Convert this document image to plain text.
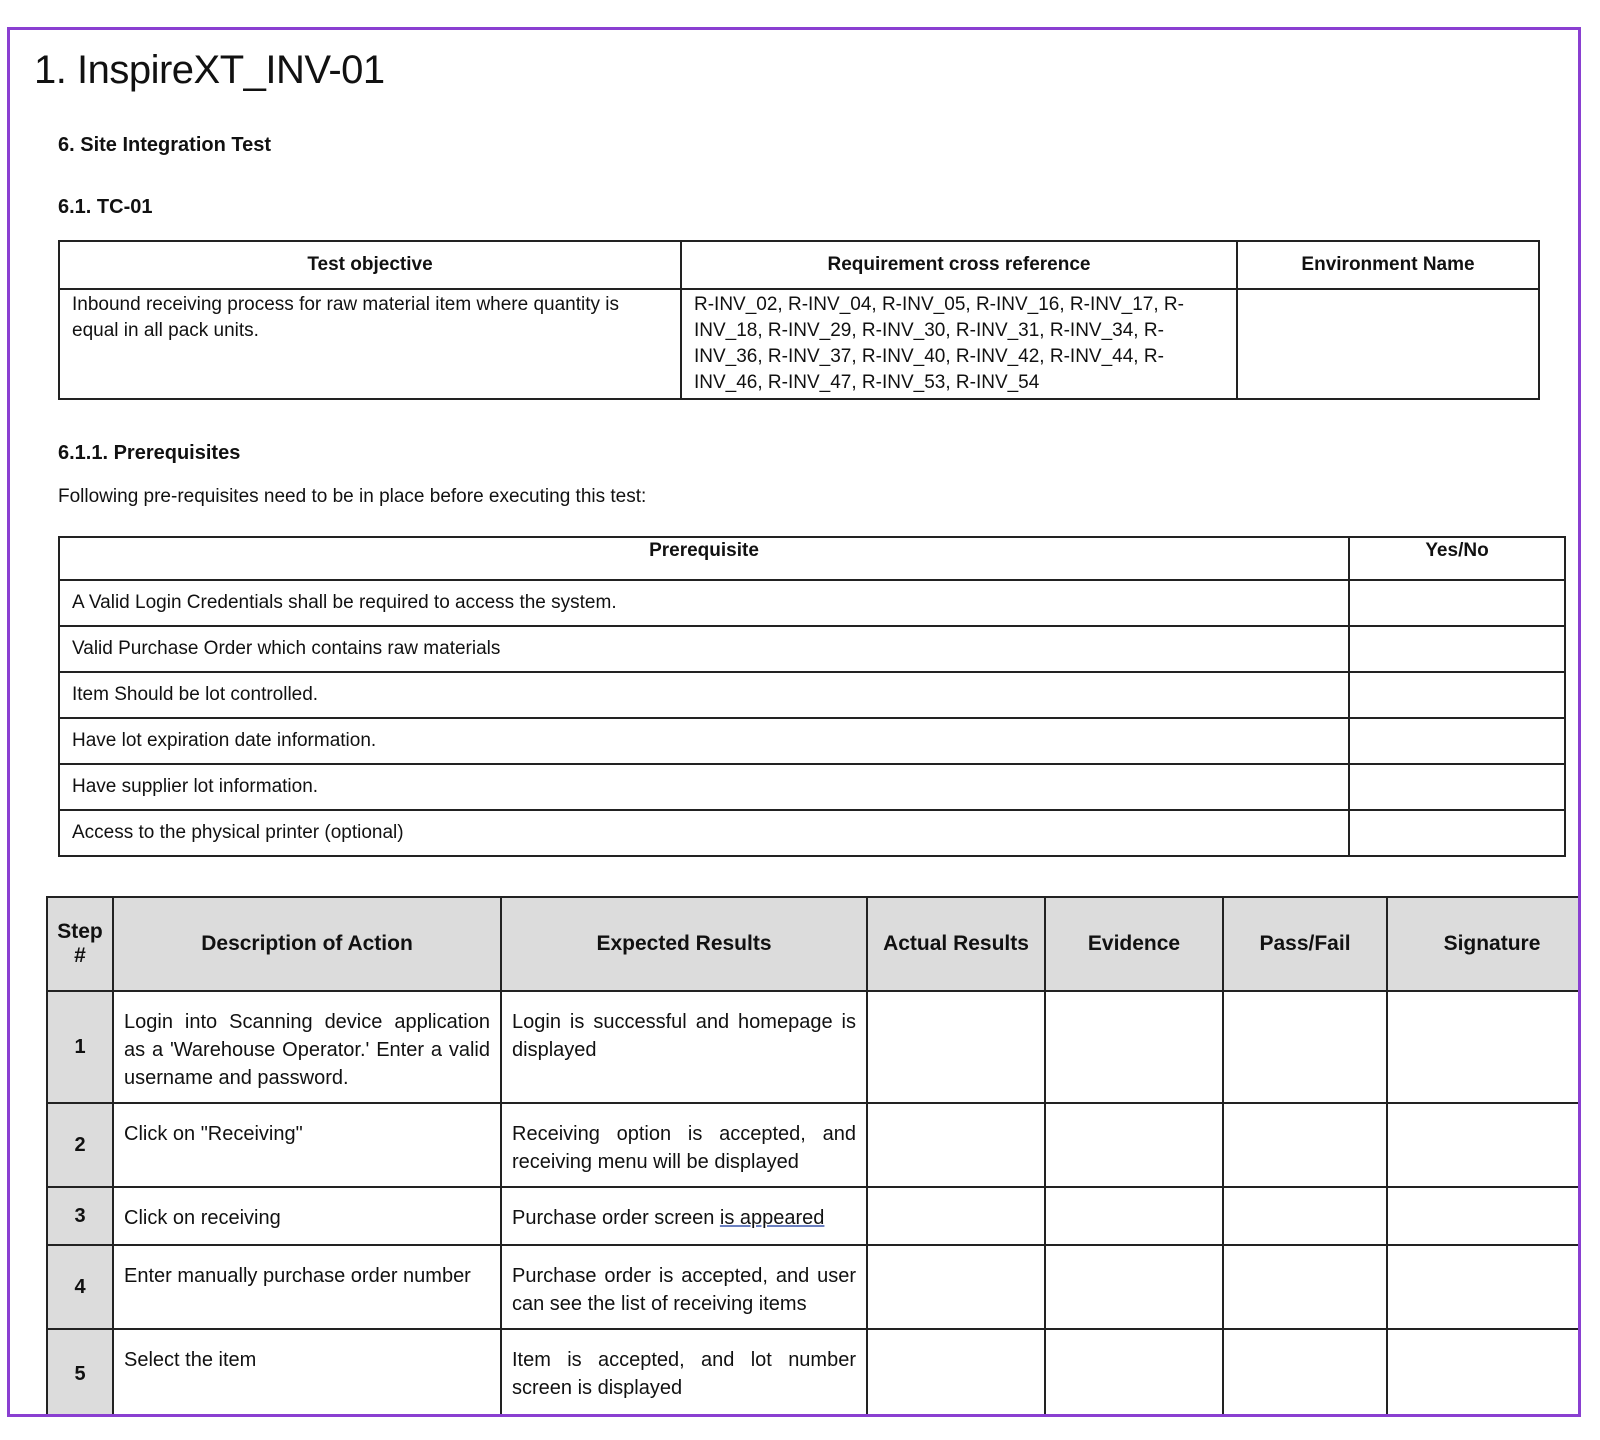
1. InspireXT_INV-01

6. Site Integration Test

6.1. TC-01

Test objective	Requirement cross reference	Environment Name
Inbound receiving process for raw material item where quantity is equal in all pack units.	R-INV_02, R-INV_04, R-INV_05, R-INV_16, R-INV_17, R-INV_18, R-INV_29, R-INV_30, R-INV_31, R-INV_34, R-INV_36, R-INV_37, R-INV_40, R-INV_42, R-INV_44, R-INV_46, R-INV_47, R-INV_53, R-INV_54	

6.1.1. Prerequisites

Following pre-requisites need to be in place before executing this test:

Prerequisite	Yes/No
A Valid Login Credentials shall be required to access the system.	
Valid Purchase Order which contains raw materials	
Item Should be lot controlled.	
Have lot expiration date information.	
Have supplier lot information.	
Access to the physical printer (optional)	
Step #	Description of Action	Expected Results	Actual Results	Evidence	Pass/Fail	Signature
1	Login into Scanning device application as a 'Warehouse Operator.' Enter a valid username and password.	Login is successful and homepage is displayed				
2	Click on "Receiving"	Receiving option is accepted, and receiving menu will be displayed				
3	Click on receiving	Purchase order screen is appeared				
4	Enter manually purchase order number	Purchase order is accepted, and user can see the list of receiving items				
5	Select the item	Item is accepted, and lot number screen is displayed				
